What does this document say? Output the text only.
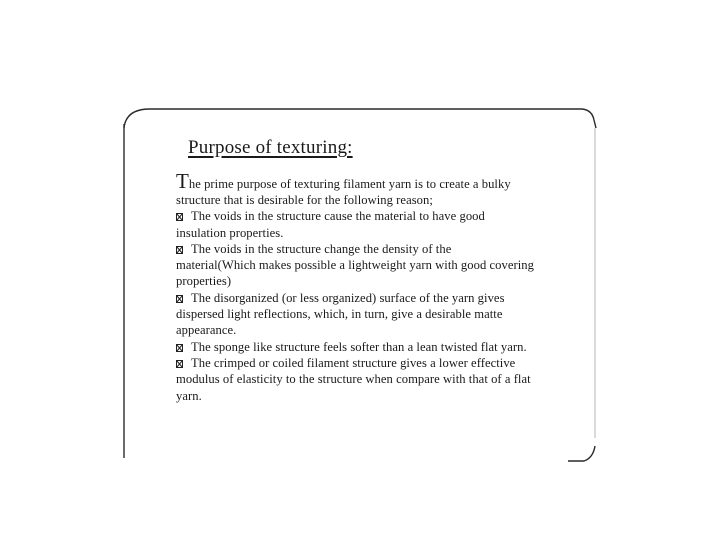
Purpose of texturing:
The prime purpose of texturing filament yarn is to create a bulky
structure that is desirable for the following reason;
The voids in the structure cause the material to have good
insulation properties.
The voids in the structure change the density of the
material(Which makes possible a lightweight yarn with good covering
properties)
The disorganized (or less organized) surface of the yarn gives
dispersed light reflections, which, in turn, give a desirable matte
appearance.
The sponge like structure feels softer than a lean twisted flat yarn.
The crimped or coiled filament structure gives a lower effective
modulus of elasticity to the structure when compare with that of a flat
yarn.
